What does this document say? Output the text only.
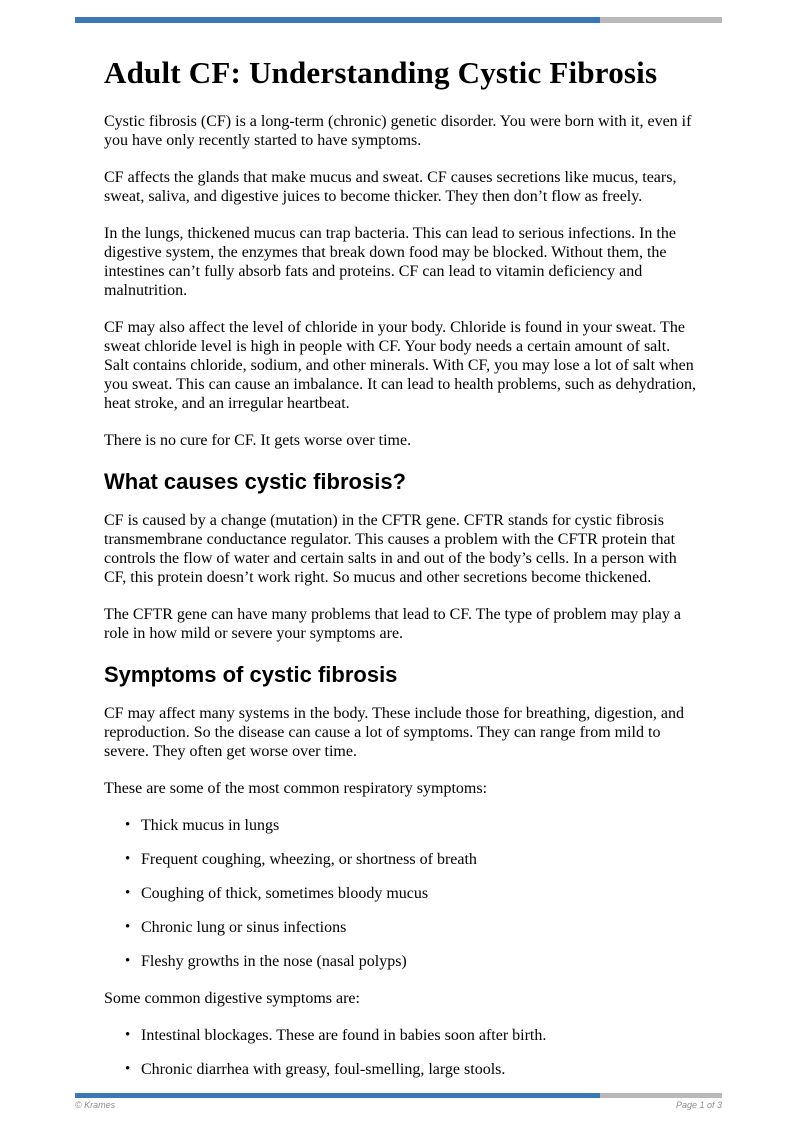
Adult CF: Understanding Cystic Fibrosis

Cystic fibrosis (CF) is a long-term (chronic) genetic disorder. You were born with it, even if you have only recently started to have symptoms.

CF affects the glands that make mucus and sweat. CF causes secretions like mucus, tears, sweat, saliva, and digestive juices to become thicker. They then don’t flow as freely.

In the lungs, thickened mucus can trap bacteria. This can lead to serious infections. In the digestive system, the enzymes that break down food may be blocked. Without them, the intestines can’t fully absorb fats and proteins. CF can lead to vitamin deficiency and malnutrition.

CF may also affect the level of chloride in your body. Chloride is found in your sweat. The sweat chloride level is high in people with CF. Your body needs a certain amount of salt. Salt contains chloride, sodium, and other minerals. With CF, you may lose a lot of salt when you sweat. This can cause an imbalance. It can lead to health problems, such as dehydration, heat stroke, and an irregular heartbeat.

There is no cure for CF. It gets worse over time.

What causes cystic fibrosis?

CF is caused by a change (mutation) in the CFTR gene. CFTR stands for cystic fibrosis transmembrane conductance regulator. This causes a problem with the CFTR protein that controls the flow of water and certain salts in and out of the body’s cells. In a person with CF, this protein doesn’t work right. So mucus and other secretions become thickened.

The CFTR gene can have many problems that lead to CF. The type of problem may play a role in how mild or severe your symptoms are.

Symptoms of cystic fibrosis

CF may affect many systems in the body. These include those for breathing, digestion, and reproduction. So the disease can cause a lot of symptoms. They can range from mild to severe. They often get worse over time.

These are some of the most common respiratory symptoms:

• Thick mucus in lungs
• Frequent coughing, wheezing, or shortness of breath
• Coughing of thick, sometimes bloody mucus
• Chronic lung or sinus infections
• Fleshy growths in the nose (nasal polyps)

Some common digestive symptoms are:

• Intestinal blockages. These are found in babies soon after birth.
• Chronic diarrhea with greasy, foul-smelling, large stools.
© Krames	Page 1 of 3
